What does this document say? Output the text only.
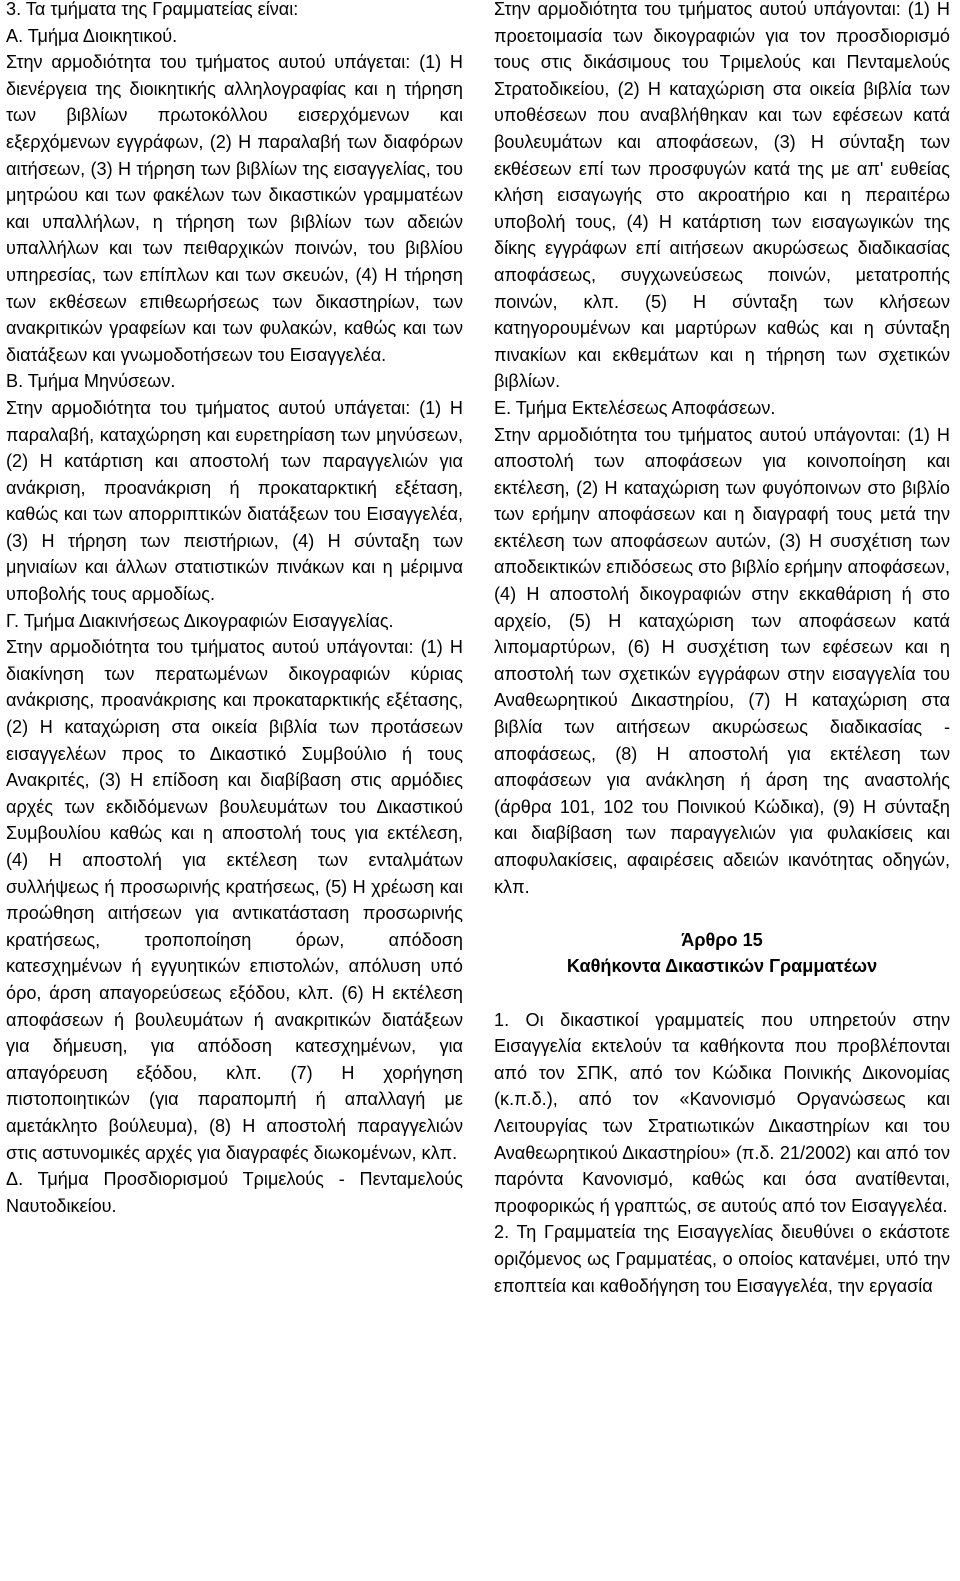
3. Τα τμήματα της Γραμματείας είναι:

Α. Τμήμα Διοικητικού.

Στην αρμοδιότητα του τμήματος αυτού υπάγεται: (1) Η διενέργεια της διοικητικής αλληλογραφίας και η τήρηση των βιβλίων πρωτοκόλλου εισερχόμενων και εξερχόμενων εγγράφων, (2) Η παραλαβή των διαφόρων αιτήσεων, (3) Η τήρηση των βιβλίων της εισαγγελίας, του μητρώου και των φακέλων των δικαστικών γραμματέων και υπαλλήλων, η τήρηση των βιβλίων των αδειών υπαλλήλων και των πειθαρχικών ποινών, του βιβλίου υπηρεσίας, των επίπλων και των σκευών, (4) Η τήρηση των εκθέσεων επιθεωρήσεως των δικαστηρίων, των ανακριτικών γραφείων και των φυλακών, καθώς και των διατάξεων και γνωμοδοτήσεων του Εισαγγελέα.

Β. Τμήμα Μηνύσεων.

Στην αρμοδιότητα του τμήματος αυτού υπάγεται: (1) Η παραλαβή, καταχώρηση και ευρετηρίαση των μηνύσεων, (2) Η κατάρτιση και αποστολή των παραγγελιών για ανάκριση, προανάκριση ή προκαταρκτική εξέταση, καθώς και των απορριπτικών διατάξεων του Εισαγγελέα, (3) Η τήρηση των πειστήριων, (4) Η σύνταξη των μηνιαίων και άλλων στατιστικών πινάκων και η μέριμνα υποβολής τους αρμοδίως.

Γ. Τμήμα Διακινήσεως Δικογραφιών Εισαγγελίας.

Στην αρμοδιότητα του τμήματος αυτού υπάγονται: (1) Η διακίνηση των περατωμένων δικογραφιών κύριας ανάκρισης, προανάκρισης και προκαταρκτικής εξέτασης, (2) Η καταχώριση στα οικεία βιβλία των προτάσεων εισαγγελέων προς το Δικαστικό Συμβούλιο ή τους Ανακριτές, (3) Η επίδοση και διαβίβαση στις αρμόδιες αρχές των εκδιδόμενων βουλευμάτων του Δικαστικού Συμβουλίου καθώς και η αποστολή τους για εκτέλεση, (4) Η αποστολή για εκτέλεση των ενταλμάτων συλλήψεως ή προσωρινής κρατήσεως, (5) Η χρέωση και προώθηση αιτήσεων για αντικατάσταση προσωρινής κρατήσεως, τροποποίηση όρων, απόδοση κατεσχημένων ή εγγυητικών επιστολών, απόλυση υπό όρο, άρση απαγορεύσεως εξόδου, κλπ. (6) Η εκτέλεση αποφάσεων ή βουλευμάτων ή ανακριτικών διατάξεων για δήμευση, για απόδοση κατεσχημένων, για απαγόρευση εξόδου, κλπ. (7) Η χορήγηση πιστοποιητικών (για παραπομπή ή απαλλαγή με αμετάκλητο βούλευμα), (8) Η αποστολή παραγγελιών στις αστυνομικές αρχές για διαγραφές διωκομένων, κλπ.

Δ. Τμήμα Προσδιορισμού Τριμελούς - Πενταμελούς Ναυτοδικείου.

Στην αρμοδιότητα του τμήματος αυτού υπάγονται: (1) Η προετοιμασία των δικογραφιών για τον προσδιορισμό τους στις δικάσιμους του Τριμελούς και Πενταμελούς Στρατοδικείου, (2) Η καταχώριση στα οικεία βιβλία των υποθέσεων που αναβλήθηκαν και των εφέσεων κατά βουλευμάτων και αποφάσεων, (3) Η σύνταξη των εκθέσεων επί των προσφυγών κατά της με απ' ευθείας κλήση εισαγωγής στο ακροατήριο και η περαιτέρω υποβολή τους, (4) Η κατάρτιση των εισαγωγικών της δίκης εγγράφων επί αιτήσεων ακυρώσεως διαδικασίας αποφάσεως, συγχωνεύσεως ποινών, μετατροπής ποινών, κλπ. (5) Η σύνταξη των κλήσεων κατηγορουμένων και μαρτύρων καθώς και η σύνταξη πινακίων και εκθεμάτων και η τήρηση των σχετικών βιβλίων.

Ε. Τμήμα Εκτελέσεως Αποφάσεων.

Στην αρμοδιότητα του τμήματος αυτού υπάγονται: (1) Η αποστολή των αποφάσεων για κοινοποίηση και εκτέλεση, (2) Η καταχώριση των φυγόποινων στο βιβλίο των ερήμην αποφάσεων και η διαγραφή τους μετά την εκτέλεση των αποφάσεων αυτών, (3) Η συσχέτιση των αποδεικτικών επιδόσεως στο βιβλίο ερήμην αποφάσεων, (4) Η αποστολή δικογραφιών στην εκκαθάριση ή στο αρχείο, (5) Η καταχώριση των αποφάσεων κατά λιπομαρτύρων, (6) Η συσχέτιση των εφέσεων και η αποστολή των σχετικών εγγράφων στην εισαγγελία του Αναθεωρητικού Δικαστηρίου, (7) Η καταχώριση στα βιβλία των αιτήσεων ακυρώσεως διαδικασίας - αποφάσεως, (8) Η αποστολή για εκτέλεση των αποφάσεων για ανάκληση ή άρση της αναστολής (άρθρα 101, 102 του Ποινικού Κώδικα), (9) Η σύνταξη και διαβίβαση των παραγγελιών για φυλακίσεις και αποφυλακίσεις, αφαιρέσεις αδειών ικανότητας οδηγών, κλπ.

Άρθρο 15

Καθήκοντα Δικαστικών Γραμματέων

1. Οι δικαστικοί γραμματείς που υπηρετούν στην Εισαγγελία εκτελούν τα καθήκοντα που προβλέπονται από τον ΣΠΚ, από τον Κώδικα Ποινικής Δικονομίας (κ.π.δ.), από τον «Κανονισμό Οργανώσεως και Λειτουργίας των Στρατιωτικών Δικαστηρίων και του Αναθεωρητικού Δικαστηρίου» (π.δ. 21/2002) και από τον παρόντα Κανονισμό, καθώς και όσα ανατίθενται, προφορικώς ή γραπτώς, σε αυτούς από τον Εισαγγελέα.

2. Τη Γραμματεία της Εισαγγελίας διευθύνει ο εκάστοτε οριζόμενος ως Γραμματέας, ο οποίος κατανέμει, υπό την εποπτεία και καθοδήγηση του Εισαγγελέα, την εργασία
